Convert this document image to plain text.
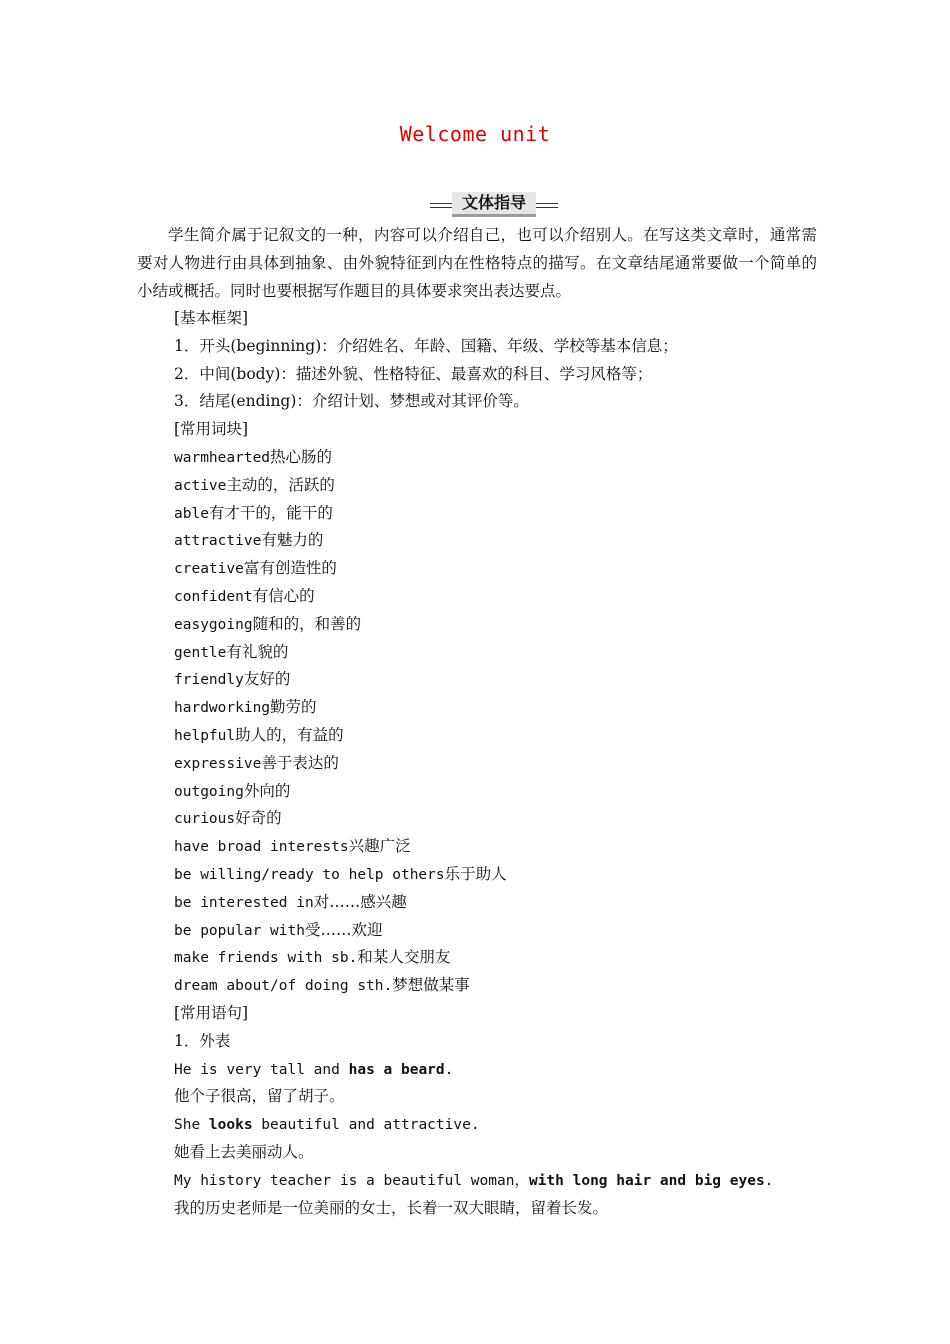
Welcome unit
文体指导
学生简介属于记叙文的一种，内容可以介绍自己，也可以介绍别人。在写这类文章时，通常需要对人物进行由具体到抽象、由外貌特征到内在性格特点的描写。在文章结尾通常要做一个简单的小结或概括。同时也要根据写作题目的具体要求突出表达要点。
[基本框架]
1．开头(beginning)：介绍姓名、年龄、国籍、年级、学校等基本信息；
2．中间(body)：描述外貌、性格特征、最喜欢的科目、学习风格等；
3．结尾(ending)：介绍计划、梦想或对其评价等。
[常用词块]
warmhearted热心肠的
active主动的，活跃的
able有才干的，能干的
attractive有魅力的
creative富有创造性的
confident有信心的
easygoing随和的，和善的
gentle有礼貌的
friendly友好的
hardworking勤劳的
helpful助人的，有益的
expressive善于表达的
outgoing外向的
curious好奇的
have broad interests兴趣广泛
be willing/ready to help others乐于助人
be interested in对……感兴趣
be popular with受……欢迎
make friends with sb.和某人交朋友
dream about/of doing sth.梦想做某事
[常用语句]
1．外表
He is very tall and has a beard.
他个子很高，留了胡子。
She looks beautiful and attractive.
她看上去美丽动人。
My history teacher is a beautiful woman，with long hair and big eyes.
我的历史老师是一位美丽的女士，长着一双大眼睛，留着长发。
